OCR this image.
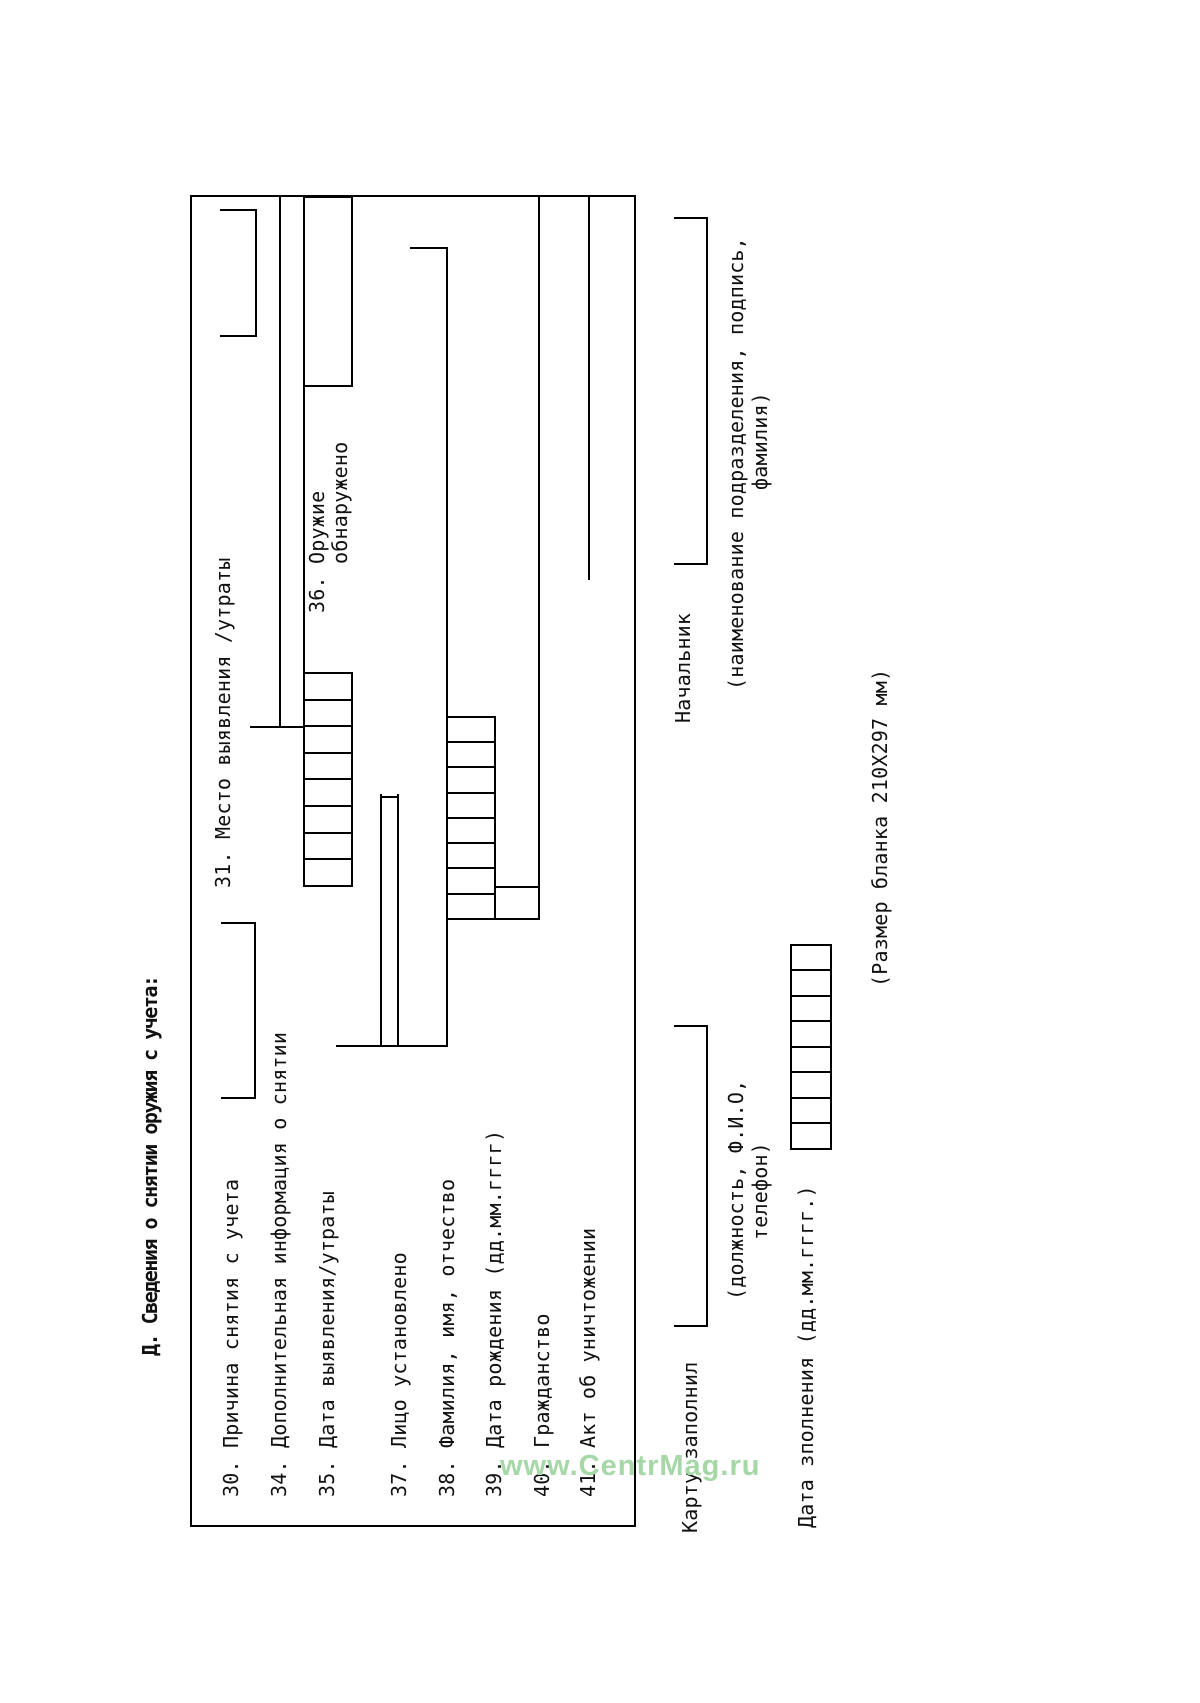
Д. Сведения о снятии оружия с учета:	30. Причина снятия с учета 34. Дополнительная информация о снятии 35. Дата выявления/утраты 37. Лицо установлено 38. Фамилия, имя, отчество 39. Дата рождения (дд.мм.гггг) 40. Гражданство 41. Акт об уничтожении
31. Место выявления /утраты
36. Оружие обнаружено
Карту заполнил
(должность, Ф.И.О, телефон)
Начальник (наименование подразделения, подпись, фамилия)
Дата зполнения (дд.мм.гггг.)
(Размер бланка 210X297 мм)
www.CentrMag.ru
